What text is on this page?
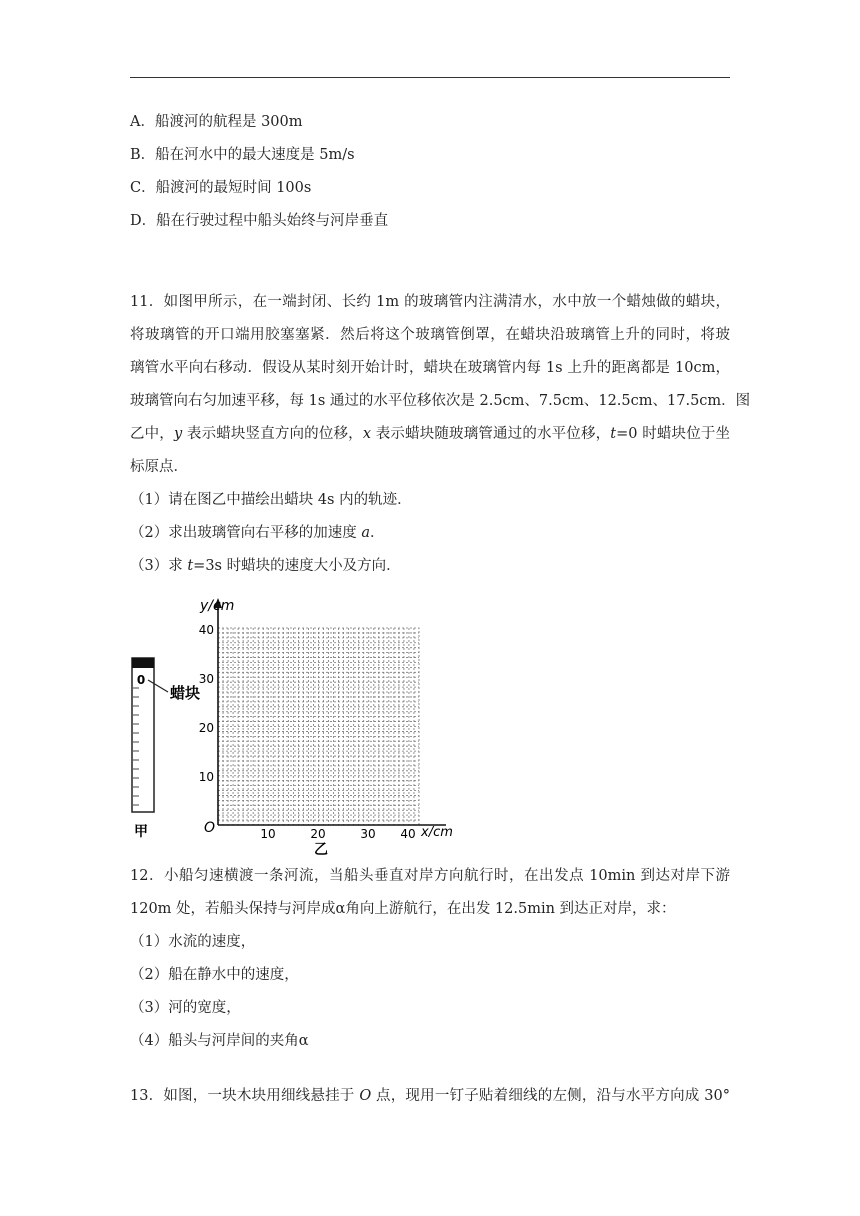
A．船渡河的航程是 300m
B．船在河水中的最大速度是 5m/s
C．船渡河的最短时间 100s
D．船在行驶过程中船头始终与河岸垂直
11．如图甲所示，在一端封闭、长约 1m 的玻璃管内注满清水，水中放一个蜡烛做的蜡块，
将玻璃管的开口端用胶塞塞紧．然后将这个玻璃管倒罩，在蜡块沿玻璃管上升的同时，将玻
璃管水平向右移动．假设从某时刻开始计时，蜡块在玻璃管内每 1s 上升的距离都是 10cm，
玻璃管向右匀加速平移，每 1s 通过的水平位移依次是 2.5cm、7.5cm、12.5cm、17.5cm．图
乙中，y 表示蜡块竖直方向的位移，x 表示蜡块随玻璃管通过的水平位移，t=0 时蜡块位于坐
标原点．
（1）请在图乙中描绘出蜡块 4s 内的轨迹．
（2）求出玻璃管向右平移的加速度 a．
（3）求 t=3s 时蜡块的速度大小及方向．
0
蜡块
甲
y/cm
x/cm
O
10
20
30
40
10	20	30 40
乙
12．小船匀速横渡一条河流，当船头垂直对岸方向航行时，在出发点 10min 到达对岸下游
120m 处，若船头保持与河岸成α角向上游航行，在出发 12.5min 到达正对岸，求：
（1）水流的速度，
（2）船在静水中的速度，
（3）河的宽度，
（4）船头与河岸间的夹角α
13．如图，一块木块用细线悬挂于 O 点，现用一钉子贴着细线的左侧，沿与水平方向成 30°
